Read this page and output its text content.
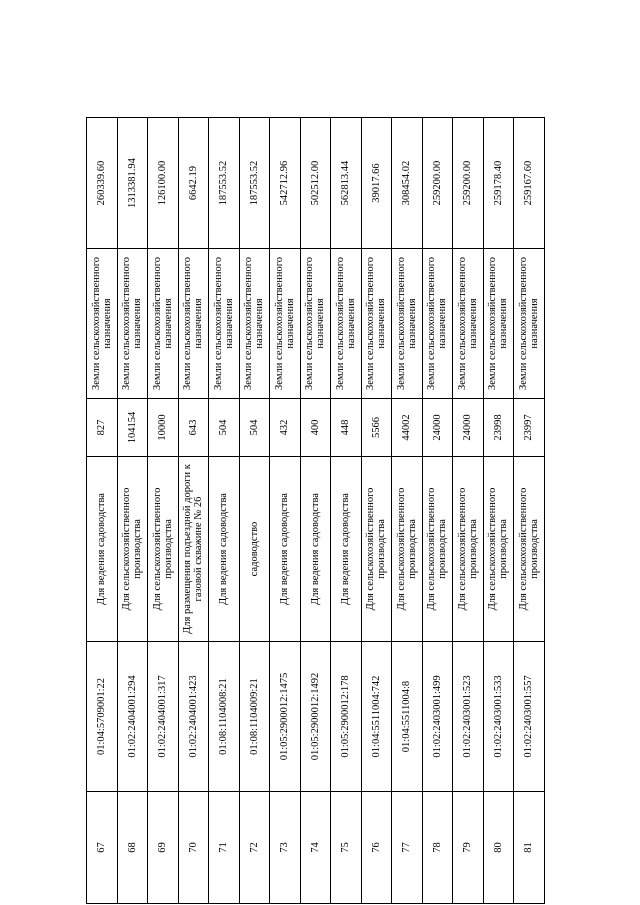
67	01:04:5709001:22	Для ведения садоводства	827	Земли сельскохозяйственного назначения	260339.60
68	01:02:2404001:294	Для сельскохозяйственного производства	104154	Земли сельскохозяйственного назначения	1313381.94
69	01:02:2404001:317	Для сельскохозяйственного производства	10000	Земли сельскохозяйственного назначения	126100.00
70	01:02:2404001:423	Для размещения подъездной дороги к газовой скважине № 26	643	Земли сельскохозяйственного назначения	6642.19
71	01:08:1104008:21	Для ведения садоводства	504	Земли сельскохозяйственного назначения	187553.52
72	01:08:1104009:21	садоводство	504	Земли сельскохозяйственного назначения	187553.52
73	01:05:2900012:1475	Для ведения садоводства	432	Земли сельскохозяйственного назначения	542712.96
74	01:05:2900012:1492	Для ведения садоводства	400	Земли сельскохозяйственного назначения	502512.00
75	01:05:2900012:178	Для ведения садоводства	448	Земли сельскохозяйственного назначения	562813.44
76	01:04:5511004:742	Для сельскохозяйственного производства	5566	Земли сельскохозяйственного назначения	39017.66
77	01:04:5511004:8	Для сельскохозяйственного производства	44002	Земли сельскохозяйственного назначения	308454.02
78	01:02:2403001:499	Для сельскохозяйственного производства	24000	Земли сельскохозяйственного назначения	259200.00
79	01:02:2403001:523	Для сельскохозяйственного производства	24000	Земли сельскохозяйственного назначения	259200.00
80	01:02:2403001:533	Для сельскохозяйственного производства	23998	Земли сельскохозяйственного назначения	259178.40
81	01:02:2403001:557	Для сельскохозяйственного производства	23997	Земли сельскохозяйственного назначения	259167.60
